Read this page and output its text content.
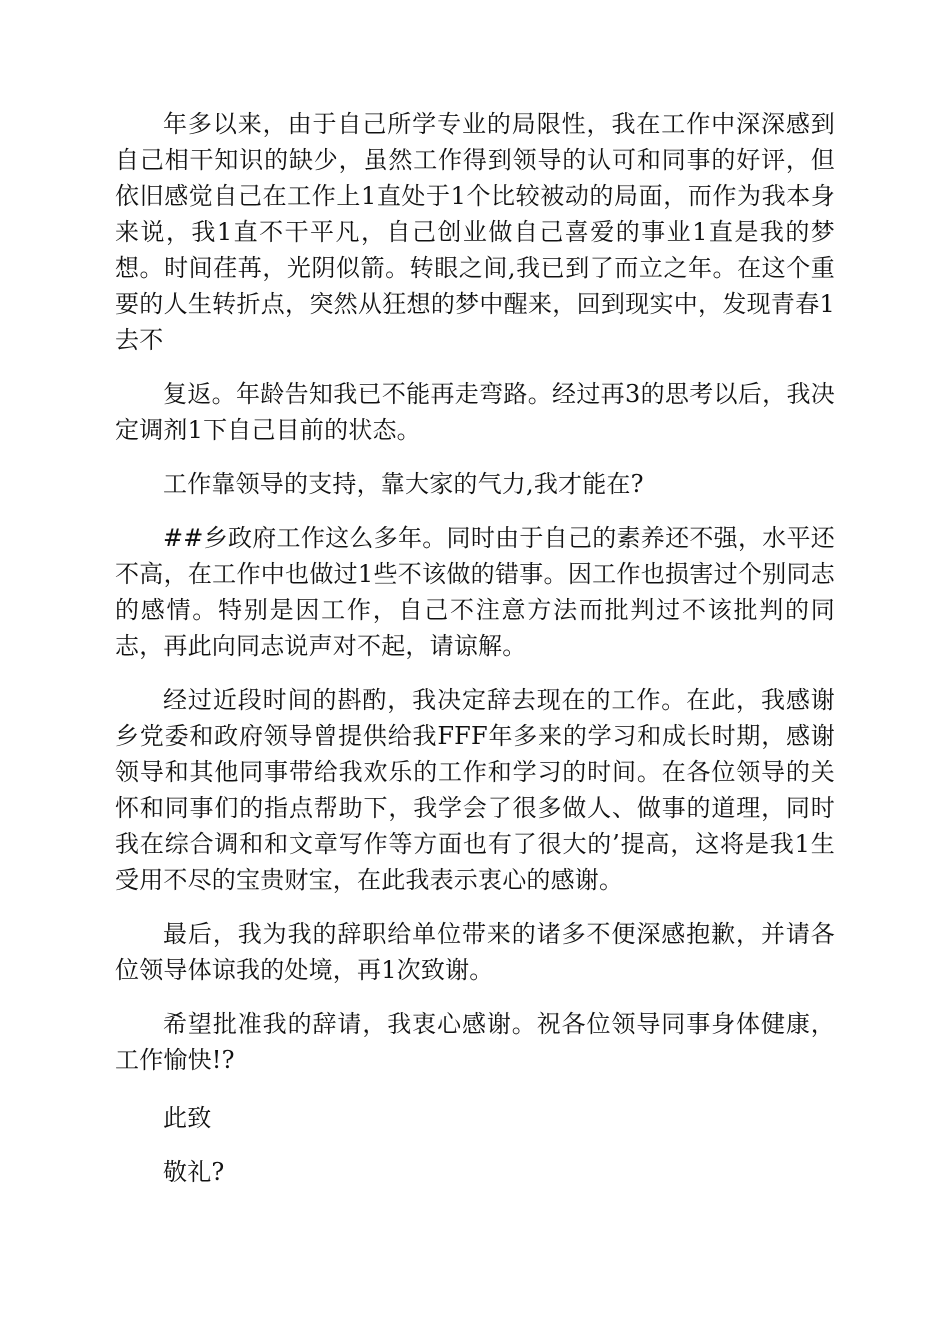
年多以来，由于自己所学专业的局限性，我在工作中深深感到自己相干知识的缺少，虽然工作得到领导的认可和同事的好评，但依旧感觉自己在工作上1直处于1个比较被动的局面，而作为我本身来说，我1直不干平凡，自己创业做自己喜爱的事业1直是我的梦想。时间荏苒，光阴似箭。转眼之间,我已到了而立之年。在这个重要的人生转折点，突然从狂想的梦中醒来，回到现实中，发现青春1去不

复返。年龄告知我已不能再走弯路。经过再3的思考以后，我决定调剂1下自己目前的状态。

工作靠领导的支持，靠大家的气力,我才能在?

##乡政府工作这么多年。同时由于自己的素养还不强，水平还不高，在工作中也做过1些不该做的错事。因工作也损害过个别同志的感情。特别是因工作，自己不注意方法而批判过不该批判的同志，再此向同志说声对不起，请谅解。

经过近段时间的斟酌，我决定辞去现在的工作。在此，我感谢乡党委和政府领导曾提供给我FFF年多来的学习和成长时期，感谢领导和其他同事带给我欢乐的工作和学习的时间。在各位领导的关怀和同事们的指点帮助下，我学会了很多做人、做事的道理，同时我在综合调和和文章写作等方面也有了很大的’提高，这将是我1生受用不尽的宝贵财宝，在此我表示衷心的感谢。

最后，我为我的辞职给单位带来的诸多不便深感抱歉，并请各位领导体谅我的处境，再1次致谢。

希望批准我的辞请，我衷心感谢。祝各位领导同事身体健康，工作愉快!?

此致

敬礼?
